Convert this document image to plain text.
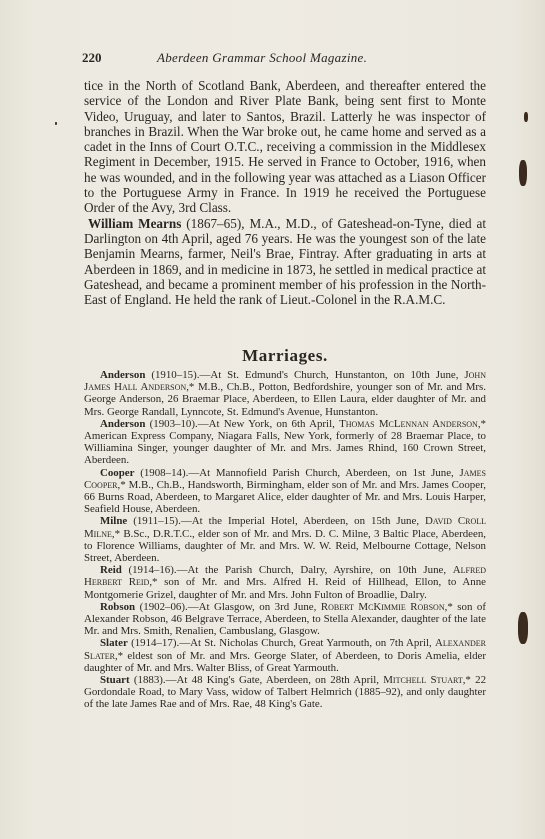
220	Aberdeen Grammar School Magazine.

tice in the North of Scotland Bank, Aberdeen, and thereafter entered the service of the London and River Plate Bank, being sent first to Monte Video, Uruguay, and later to Santos, Brazil. Latterly he was inspector of branches in Brazil. When the War broke out, he came home and served as a cadet in the Inns of Court O.T.C., receiving a commission in the Middlesex Regiment in December, 1915. He served in France to October, 1916, when he was wounded, and in the following year was attached as a Liason Officer to the Portuguese Army in France. In 1919 he received the Portuguese Order of the Avy, 3rd Class.

William Mearns (1867–65), M.A., M.D., of Gateshead-on-Tyne, died at Darlington on 4th April, aged 76 years. He was the youngest son of the late Benjamin Mearns, farmer, Neil's Brae, Fintray. After graduating in arts at Aberdeen in 1869, and in medicine in 1873, he settled in medical practice at Gateshead, and became a prominent member of his profession in the North-East of England. He held the rank of Lieut.-Colonel in the R.A.M.C.

Marriages.

Anderson (1910–15).—At St. Edmund's Church, Hunstanton, on 10th June, John James Hall Anderson,* M.B., Ch.B., Potton, Bedfordshire, younger son of Mr. and Mrs. George Anderson, 26 Braemar Place, Aberdeen, to Ellen Laura, elder daughter of Mr. and Mrs. George Randall, Lynncote, St. Edmund's Avenue, Hunstanton.

Anderson (1903–10).—At New York, on 6th April, Thomas McLennan Anderson,* American Express Company, Niagara Falls, New York, formerly of 28 Braemar Place, to Williamina Singer, younger daughter of Mr. and Mrs. James Rhind, 160 Crown Street, Aberdeen.

Cooper (1908–14).—At Mannofield Parish Church, Aberdeen, on 1st June, James Cooper,* M.B., Ch.B., Handsworth, Birmingham, elder son of Mr. and Mrs. James Cooper, 66 Burns Road, Aberdeen, to Margaret Alice, elder daughter of Mr. and Mrs. Louis Harper, Seafield House, Aberdeen.

Milne (1911–15).—At the Imperial Hotel, Aberdeen, on 15th June, David Croll Milne,* B.Sc., D.R.T.C., elder son of Mr. and Mrs. D. C. Milne, 3 Baltic Place, Aberdeen, to Florence Williams, daughter of Mr. and Mrs. W. W. Reid, Melbourne Cottage, Nelson Street, Aberdeen.

Reid (1914–16).—At the Parish Church, Dalry, Ayrshire, on 10th June, Alfred Herbert Reid,* son of Mr. and Mrs. Alfred H. Reid of Hillhead, Ellon, to Anne Montgomerie Grizel, daughter of Mr. and Mrs. John Fulton of Broadlie, Dalry.

Robson (1902–06).—At Glasgow, on 3rd June, Robert McKimmie Robson,* son of Alexander Robson, 46 Belgrave Terrace, Aberdeen, to Stella Alexander, daughter of the late Mr. and Mrs. Smith, Renalien, Cambuslang, Glasgow.

Slater (1914–17).—At St. Nicholas Church, Great Yarmouth, on 7th April, Alexander Slater,* eldest son of Mr. and Mrs. George Slater, of Aberdeen, to Doris Amelia, elder daughter of Mr. and Mrs. Walter Bliss, of Great Yarmouth.

Stuart (1883).—At 48 King's Gate, Aberdeen, on 28th April, Mitchell Stuart,* 22 Gordondale Road, to Mary Vass, widow of Talbert Helmrich (1885–92), and only daughter of the late James Rae and of Mrs. Rae, 48 King's Gate.
